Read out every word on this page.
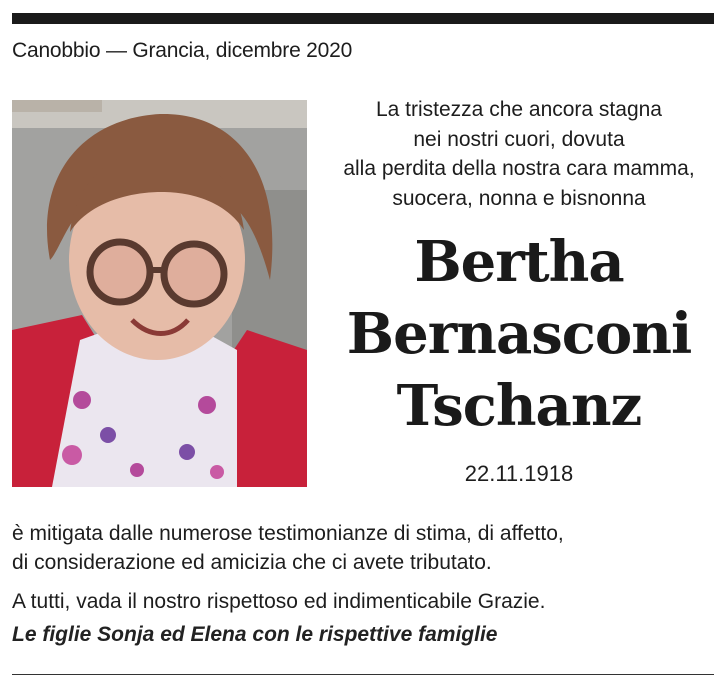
Canobbio — Grancia, dicembre 2020
La tristezza che ancora stagna
nei nostri cuori, dovuta
alla perdita della nostra cara mamma,
suocera, nonna e bisnonna
Bertha
Bernasconi
Tschanz
22.11.1918
è mitigata dalle numerose testimonianze di stima, di affetto,
di considerazione ed amicizia che ci avete tributato.
A tutti, vada il nostro rispettoso ed indimenticabile Grazie.
Le figlie Sonja ed Elena con le rispettive famiglie
